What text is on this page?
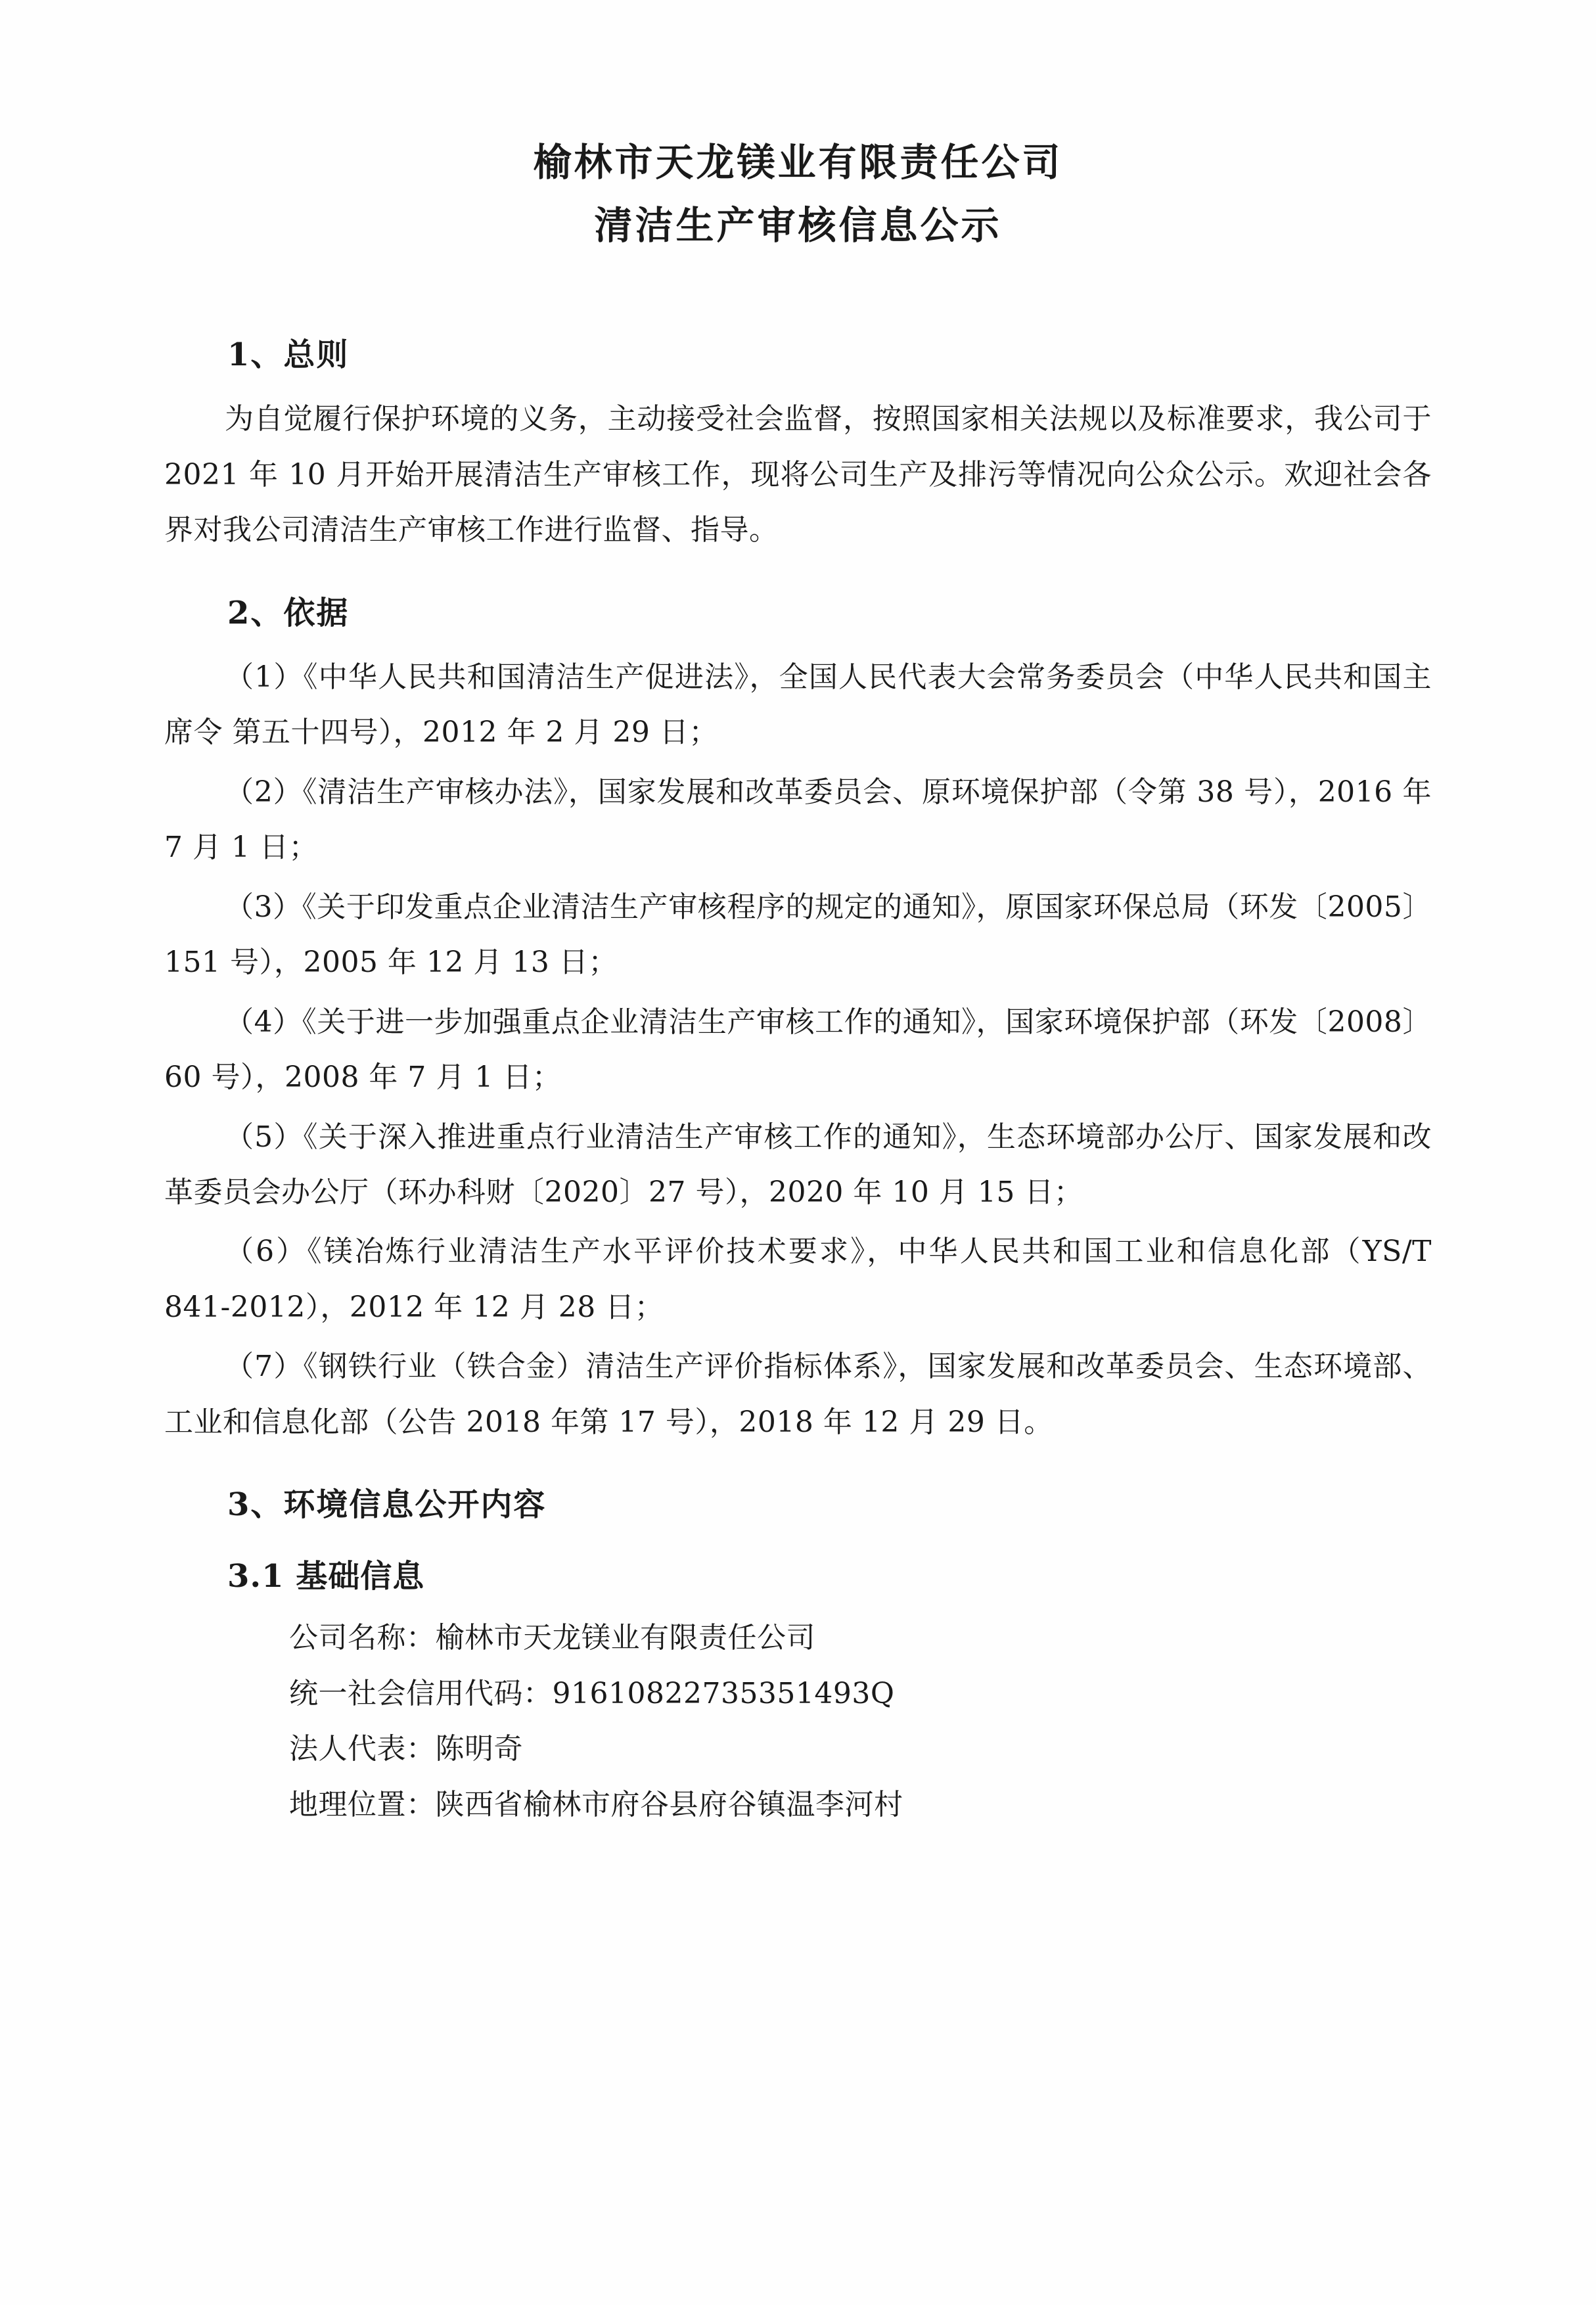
榆林市天龙镁业有限责任公司
清洁生产审核信息公示
1、总则

为自觉履行保护环境的义务，主动接受社会监督，按照国家相关法规以及标准要求，我公司于 2021 年 10 月开始开展清洁生产审核工作，现将公司生产及排污等情况向公众公示。欢迎社会各界对我公司清洁生产审核工作进行监督、指导。

2、依据

（1）《中华人民共和国清洁生产促进法》，全国人民代表大会常务委员会（中华人民共和国主席令 第五十四号），2012 年 2 月 29 日；

（2）《清洁生产审核办法》，国家发展和改革委员会、原环境保护部（令第 38 号），2016 年 7 月 1 日；

（3）《关于印发重点企业清洁生产审核程序的规定的通知》，原国家环保总局（环发〔2005〕151 号），2005 年 12 月 13 日；

（4）《关于进一步加强重点企业清洁生产审核工作的通知》，国家环境保护部（环发〔2008〕60 号），2008 年 7 月 1 日；

（5）《关于深入推进重点行业清洁生产审核工作的通知》，生态环境部办公厅、国家发展和改革委员会办公厅（环办科财〔2020〕27 号），2020 年 10 月 15 日；

（6）《镁冶炼行业清洁生产水平评价技术要求》，中华人民共和国工业和信息化部（YS/T 841-2012），2012 年 12 月 28 日；

（7）《钢铁行业（铁合金）清洁生产评价指标体系》，国家发展和改革委员会、生态环境部、工业和信息化部（公告 2018 年第 17 号），2018 年 12 月 29 日。

3、环境信息公开内容
3.1 基础信息
公司名称：榆林市天龙镁业有限责任公司
统一社会信用代码：91610822735351493Q
法人代表：陈明奇
地理位置：陕西省榆林市府谷县府谷镇温李河村
